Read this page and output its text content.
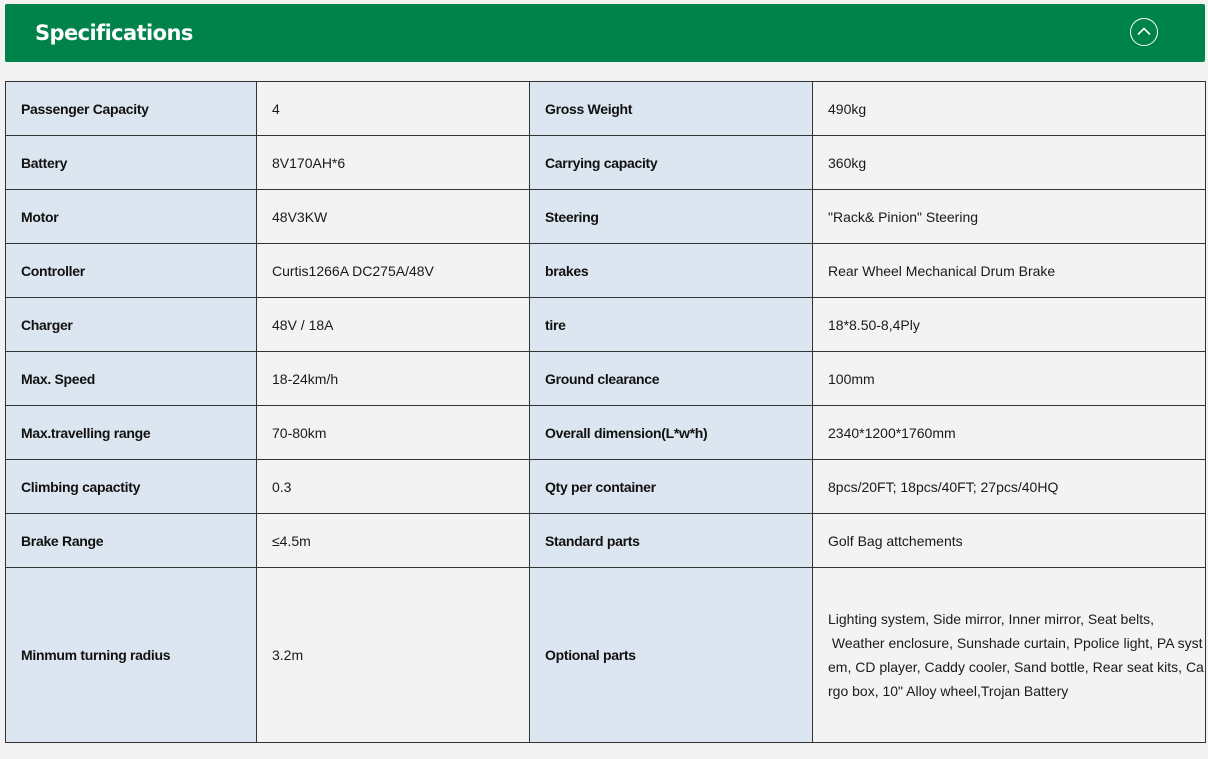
Specifications
Passenger Capacity	4	Gross Weight	490kg
Battery	8V170AH*6	Carrying capacity	360kg
Motor	48V3KW	Steering	"Rack& Pinion" Steering
Controller	Curtis1266A DC275A/48V	brakes	Rear Wheel Mechanical Drum Brake
Charger	48V / 18A	tire	18*8.50-8,4Ply
Max. Speed	18-24km/h	Ground clearance	100mm
Max.travelling range	70-80km	Overall dimension(L*w*h)	2340*1200*1760mm
Climbing capactity	0.3	Qty per container	8pcs/20FT; 18pcs/40FT; 27pcs/40HQ
Brake Range	≤4.5m	Standard parts	Golf Bag attchements
Minmum turning radius	3.2m	Optional parts	Lighting system, Side mirror, Inner mirror, Seat belts,
Weather enclosure, Sunshade curtain, Ppolice light, PA system, CD player, Caddy cooler, Sand bottle, Rear seat kits, Cargo box, 10" Alloy wheel,Trojan Battery
